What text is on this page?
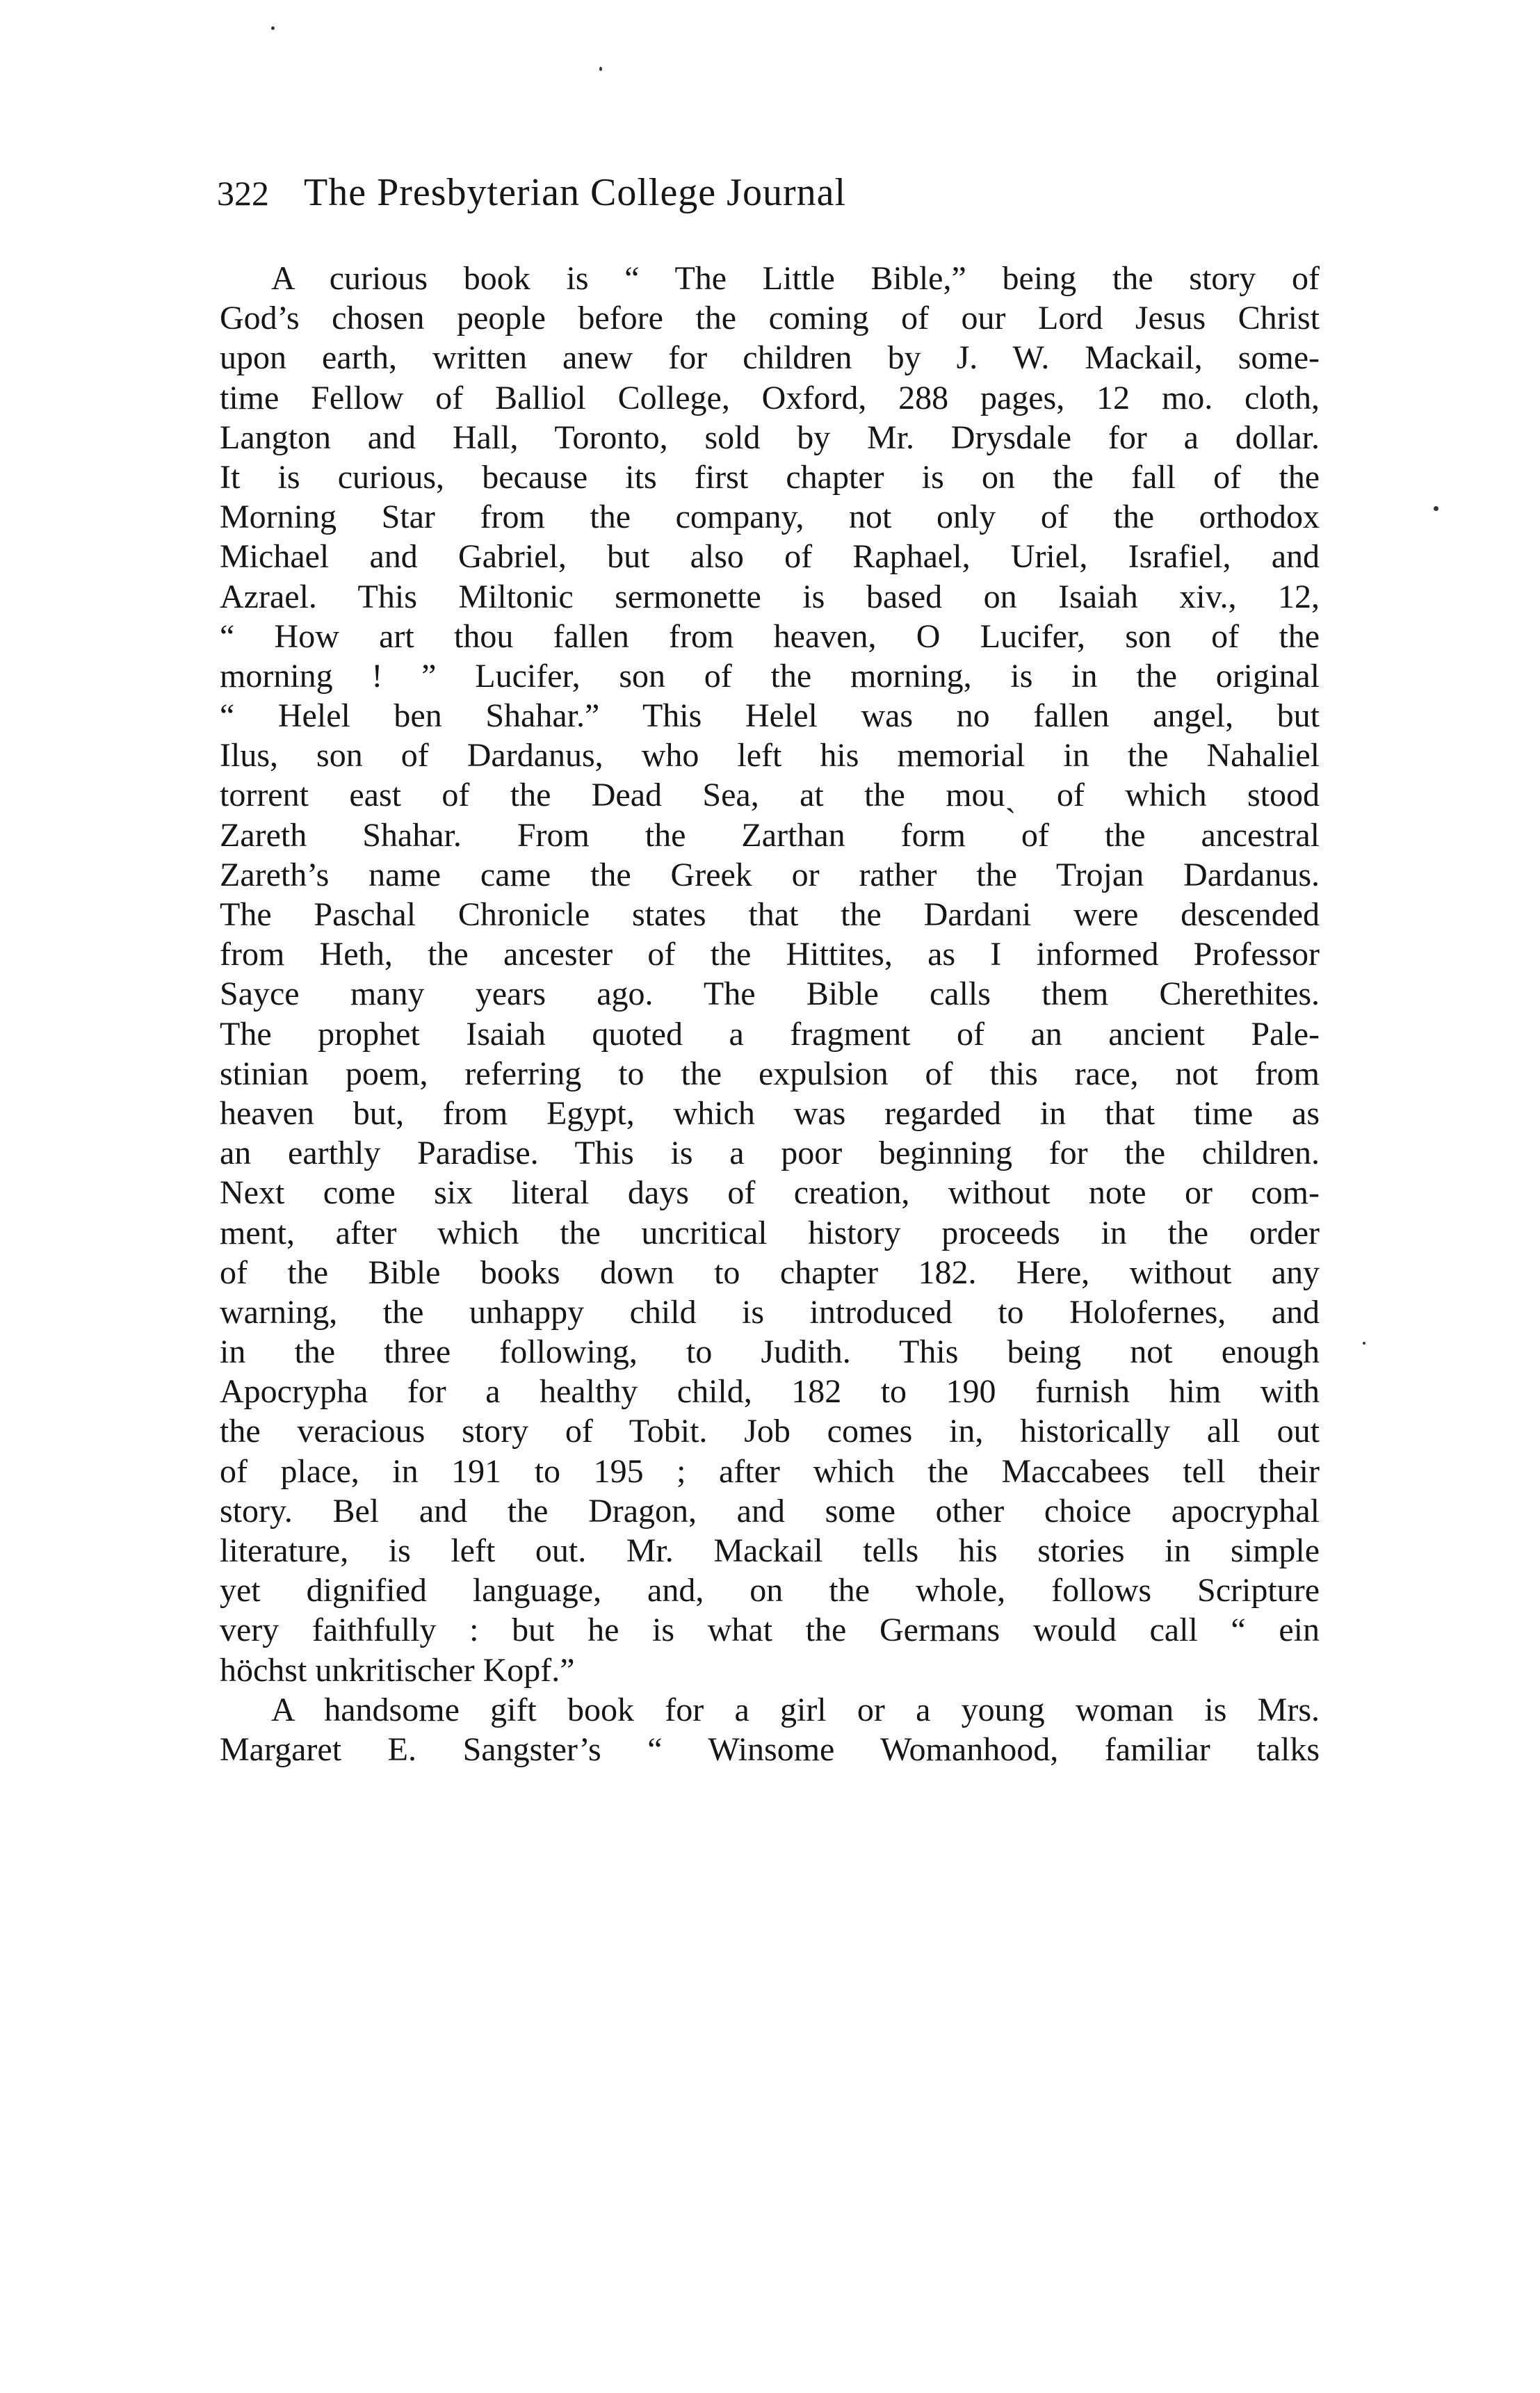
322 The Presbyterian College Journal
A curious book is “ The Little Bible,” being the story of
God’s chosen people before the coming of our Lord Jesus Christ
upon earth, written anew for children by J. W. Mackail, some-
time Fellow of Balliol College, Oxford, 288 pages, 12 mo. cloth,
Langton and Hall, Toronto, sold by Mr. Drysdale for a dollar.
It is curious, because its first chapter is on the fall of the
Morning Star from the company, not only of the orthodox
Michael and Gabriel, but also of Raphael, Uriel, Israfiel, and
Azrael. This Miltonic sermonette is based on Isaiah xiv., 12,
“ How art thou fallen from heaven, O Lucifer, son of the
morning ! ” Lucifer, son of the morning, is in the original
“ Helel ben Shahar.” This Helel was no fallen angel, but
Ilus, son of Dardanus, who left his memorial in the Nahaliel
torrent east of the Dead Sea, at the mouˎ of which stood
Zareth Shahar. From the Zarthan form of the ancestral
Zareth’s name came the Greek or rather the Trojan Dardanus.
The Paschal Chronicle states that the Dardani were descended
from Heth, the ancester of the Hittites, as I informed Professor
Sayce many years ago. The Bible calls them Cherethites.
The prophet Isaiah quoted a fragment of an ancient Pale-
stinian poem, referring to the expulsion of this race, not from
heaven but, from Egypt, which was regarded in that time as
an earthly Paradise. This is a poor beginning for the children.
Next come six literal days of creation, without note or com-
ment, after which the uncritical history proceeds in the order
of the Bible books down to chapter 182. Here, without any
warning, the unhappy child is introduced to Holofernes, and
in the three following, to Judith. This being not enough
Apocrypha for a healthy child, 182 to 190 furnish him with
the veracious story of Tobit. Job comes in, historically all out
of place, in 191 to 195 ; after which the Maccabees tell their
story. Bel and the Dragon, and some other choice apocryphal
literature, is left out. Mr. Mackail tells his stories in simple
yet dignified language, and, on the whole, follows Scripture
very faithfully : but he is what the Germans would call “ ein
höchst unkritischer Kopf.”
A handsome gift book for a girl or a young woman is Mrs.
Margaret E. Sangster’s “ Winsome Womanhood, familiar talks
